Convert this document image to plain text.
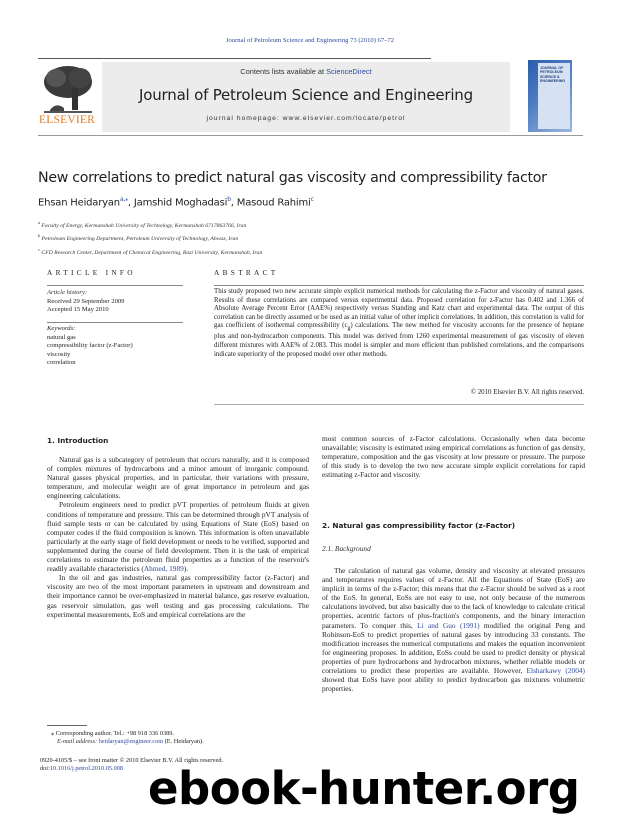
Journal of Petroleum Science and Engineering 73 (2010) 67–72
ELSEVIER
Contents lists available at ScienceDirect
Journal of Petroleum Science and Engineering
journal homepage: www.elsevier.com/locate/petrol
JOURNAL OF
PETROLEUM
SCIENCE &
ENGINEERING
New correlations to predict natural gas viscosity and compressibility factor
Ehsan Heidaryan$^{a,⁎}$, Jamshid Moghadasi$^b$, Masoud Rahimi$^c$
$^a$ Faculty of Energy, Kermanshah University of Technology, Kermanshah 6717863766, Iran
$^b$ Petroleum Engineering Department, Petroleum University of Technology, Ahwaz, Iran
$^c$ CFD Research Center, Department of Chemical Engineering, Razi University, Kermanshah, Iran
ARTICLE INFO
Article history:
Received 29 September 2009
Accepted 15 May 2010
Keywords:
natural gas
compressibility factor (z-Factor)
viscosity
correlation
ABSTRACT
This study proposed two new accurate simple explicit numerical methods for calculating the z-Factor and viscosity of natural gases. Results of these correlations are compared versus experimental data. Proposed correlation for z-Factor has 0.402 and 1.366 of Absolute Average Percent Error (AAE%) respectively versus Standing and Katz chart and experimental data. The output of this correlation can be directly assumed or be used as an initial value of other implicit correlations. In addition, this correlation is valid for gas coefficient of isothermal compressibility $(c_g)$ calculations. The new method for viscosity accounts for the presence of heptane plus and non-hydrocarbon components. This model was derived from 1260 experimental measurement of gas viscosity of eleven different mixtures with AAE% of 2.083. This model is simpler and more efficient than published correlations, and the comparisons indicate superiority of the proposed model over other methods.
© 2010 Elsevier B.V. All rights reserved.
1. Introduction

Natural gas is a subcategory of petroleum that occurs naturally, and it is composed of complex mixtures of hydrocarbons and a minor amount of inorganic compound. Natural gasses physical properties, and in particular, their variations with pressure, temperature, and molecular weight are of great importance in petroleum and gas engineering calculations.

Petroleum engineers need to predict pVT properties of petroleum fluids at given conditions of temperature and pressure. This can be determined through pVT analysis of fluid sample tests or can be calculated by using Equations of State (EoS) based on computer codes if the fluid composition is known. This information is often unavailable particularly at the early stage of field development or needs to be verified, supported and supplemented during the course of field development. Then it is the task of empirical correlations to estimate the petroleum fluid properties as a function of the reservoir's readily available characteristics (Ahmed, 1989).

In the oil and gas industries, natural gas compressibility factor (z-Factor) and viscosity are two of the most important parameters in upstream and downstream and their importance cannot be over-emphasized in material balance, gas reserve evaluation, gas reservoir simulation, gas well testing and gas processing calculations. The experimental measurements, EoS and empirical correlations are the

most common sources of z-Factor calculations. Occasionally when data become unavailable; viscosity is estimated using empirical correlations as function of gas density, temperature, composition and the gas viscosity at low pressure or pressure. The purpose of this study is to develop the two new accurate simple explicit correlations for rapid estimating z-Factor and viscosity.

2. Natural gas compressibility factor (z-Factor)
2.1. Background

The calculation of natural gas volume, density and viscosity at elevated pressures and temperatures requires values of z-Factor. All the Equations of State (EoS) are implicit in terms of the z-Factor; this means that the z-Factor should be solved as a root of the EoS. In general, EoSs are not easy to use, not only because of the numerous calculations involved, but also basically due to the lack of knowledge to calculate critical properties, acentric factors of plus-fraction's components, and the binary interaction parameters. To conquer this, Li and Guo (1991) modified the original Peng and Robinson-EoS to predict properties of natural gases by introducing 33 constants. The modification increases the numerical computations and makes the equation inconvenient for engineering proposes. In addition, EoSs could be used to predict density or physical properties of pure hydrocarbons and hydrocarbon mixtures, whether reliable models or correlations to predict these properties are available. However, Elsharkawy (2004) showed that EoSs have poor ability to predict hydrocarbon gas mixtures volumetric properties.

⁎ Corresponding author. Tel.: +98 918 336 0389.
E-mail address: heidaryan@engineer.com (E. Heidaryan).
0920-4105/$ – see front matter © 2010 Elsevier B.V. All rights reserved.
doi:10.1016/j.petrol.2010.05.008 ebook-hunter.org
